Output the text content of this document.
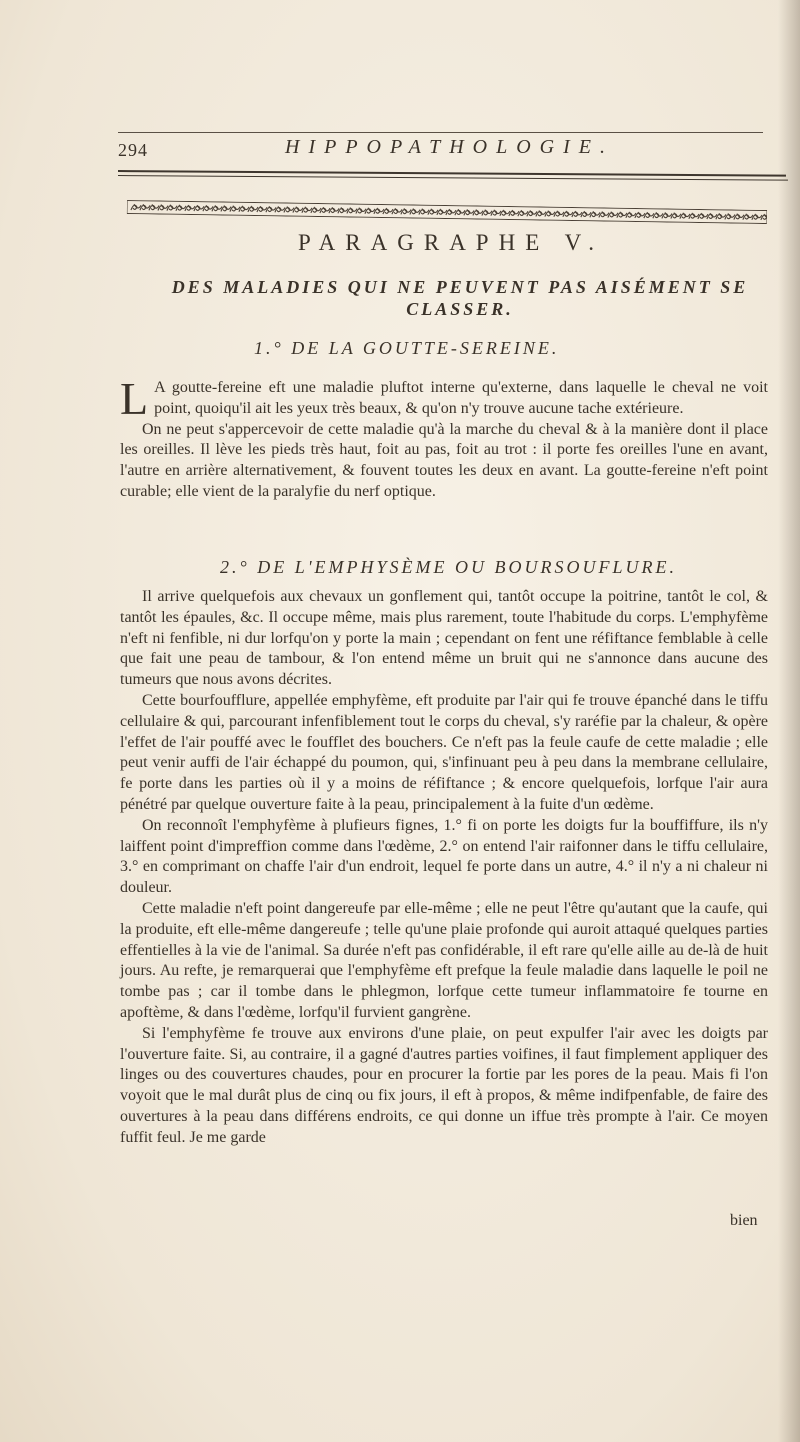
294	HIPPOPATHOLOGIE.
PARAGRAPHE V.
DES MALADIES QUI NE PEUVENT PAS AISÉMENT SE CLASSER.
1.° DE LA GOUTTE-SEREINE.

L A goutte-fereine eft une maladie pluftot interne qu'externe, dans laquelle le cheval ne voit point, quoiqu'il ait les yeux très beaux, & qu'on n'y trouve aucune tache extérieure.

On ne peut s'appercevoir de cette maladie qu'à la marche du cheval & à la manière dont il place les oreilles. Il lève les pieds très haut, foit au pas, foit au trot : il porte fes oreilles l'une en avant, l'autre en arrière alternativement, & fouvent toutes les deux en avant. La goutte-fereine n'eft point curable; elle vient de la paralyfie du nerf optique.

2.° DE L'EMPHYSÈME OU BOURSOUFLURE.

Il arrive quelquefois aux chevaux un gonflement qui, tantôt occupe la poitrine, tantôt le col, & tantôt les épaules, &c. Il occupe même, mais plus rarement, toute l'habitude du corps. L'emphyfème n'eft ni fenfible, ni dur lorfqu'on y porte la main ; cependant on fent une réfiftance femblable à celle que fait une peau de tambour, & l'on entend même un bruit qui ne s'annonce dans aucune des tumeurs que nous avons décrites.

Cette bourfoufflure, appellée emphyfème, eft produite par l'air qui fe trouve épanché dans le tiffu cellulaire & qui, parcourant infenfiblement tout le corps du cheval, s'y raréfie par la chaleur, & opère l'effet de l'air pouffé avec le foufflet des bouchers. Ce n'eft pas la feule caufe de cette maladie ; elle peut venir auffi de l'air échappé du poumon, qui, s'infinuant peu à peu dans la membrane cellulaire, fe porte dans les parties où il y a moins de réfiftance ; & encore quelquefois, lorfque l'air aura pénétré par quelque ouverture faite à la peau, principalement à la fuite d'un œdème.

On reconnoît l'emphyfème à plufieurs fignes, 1.° fi on porte les doigts fur la bouffiffure, ils n'y laiffent point d'impreffion comme dans l'œdème, 2.° on entend l'air raifonner dans le tiffu cellulaire, 3.° en comprimant on chaffe l'air d'un endroit, lequel fe porte dans un autre, 4.° il n'y a ni chaleur ni douleur.

Cette maladie n'eft point dangereufe par elle-même ; elle ne peut l'être qu'autant que la caufe, qui la produite, eft elle-même dangereufe ; telle qu'une plaie profonde qui auroit attaqué quelques parties effentielles à la vie de l'animal. Sa durée n'eft pas confidérable, il eft rare qu'elle aille au de-là de huit jours. Au refte, je remarquerai que l'emphyfème eft prefque la feule maladie dans laquelle le poil ne tombe pas ; car il tombe dans le phlegmon, lorfque cette tumeur inflammatoire fe tourne en apoftème, & dans l'œdème, lorfqu'il furvient gangrène.

Si l'emphyfème fe trouve aux environs d'une plaie, on peut expulfer l'air avec les doigts par l'ouverture faite. Si, au contraire, il a gagné d'autres parties voifines, il faut fimplement appliquer des linges ou des couvertures chaudes, pour en procurer la fortie par les pores de la peau. Mais fi l'on voyoit que le mal durât plus de cinq ou fix jours, il eft à propos, & même indifpenfable, de faire des ouvertures à la peau dans différens endroits, ce qui donne un iffue très prompte à l'air. Ce moyen fuffit feul. Je me garde

bien
